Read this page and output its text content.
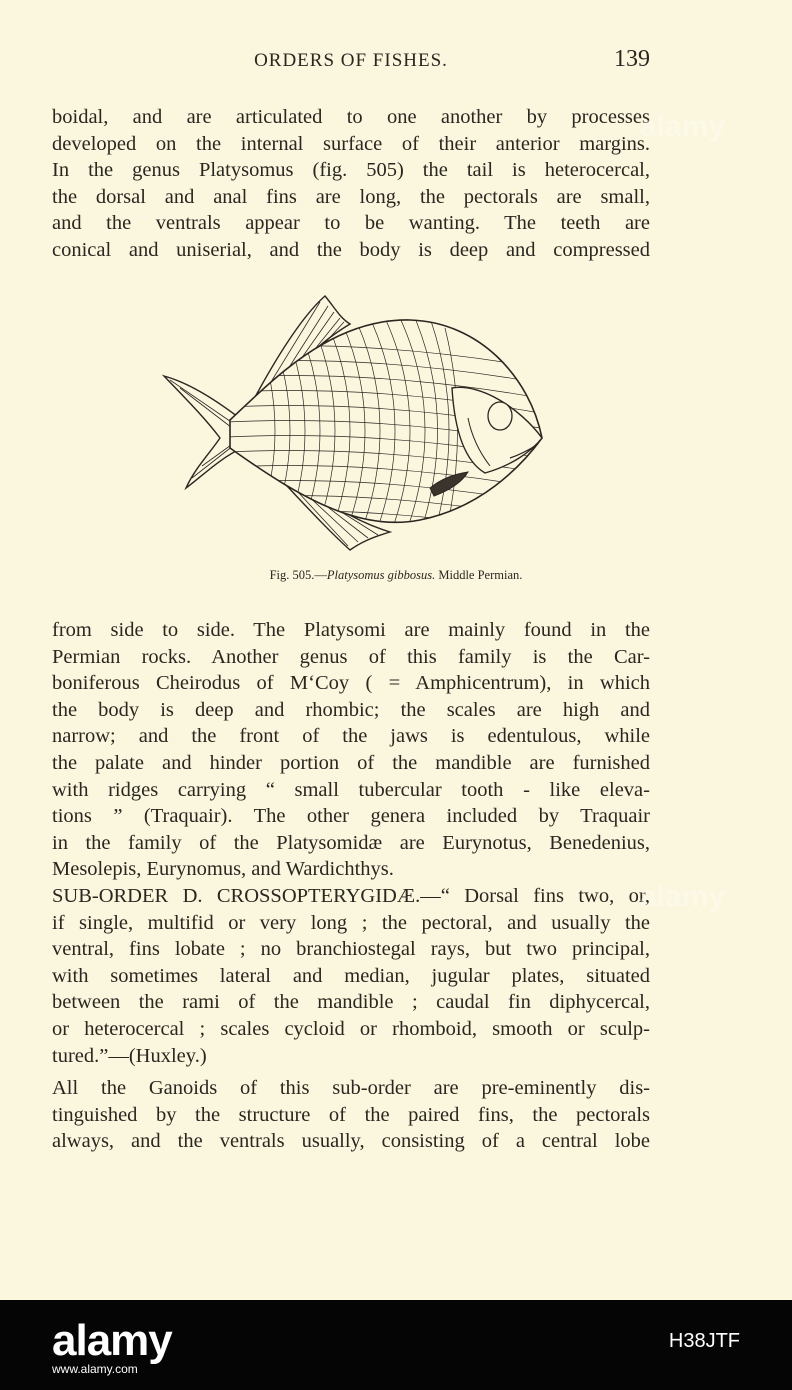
ORDERS OF FISHES.	139
boidal, and are articulated to one another by processes
developed on the internal surface of their anterior margins.
In the genus Platysomus (fig. 505) the tail is heterocercal,
the dorsal and anal fins are long, the pectorals are small,
and the ventrals appear to be wanting. The teeth are
conical and uniserial, and the body is deep and compressed
Fig. 505.—Platysomus gibbosus. Middle Permian.
from side to side. The Platysomi are mainly found in the
Permian rocks. Another genus of this family is the Car-
boniferous Cheirodus of M‘Coy ( = Amphicentrum), in which
the body is deep and rhombic; the scales are high and
narrow; and the front of the jaws is edentulous, while
the palate and hinder portion of the mandible are furnished
with ridges carrying “ small tubercular tooth - like eleva-
tions ” (Traquair). The other genera included by Traquair
in the family of the Platysomidæ are Eurynotus, Benedenius,
Mesolepis, Eurynomus, and Wardichthys.
SUB-ORDER D. CROSSOPTERYGIDÆ.—“ Dorsal fins two, or,
if single, multifid or very long ; the pectoral, and usually the
ventral, fins lobate ; no branchiostegal rays, but two principal,
with sometimes lateral and median, jugular plates, situated
between the rami of the mandible ; caudal fin diphycercal,
or heterocercal ; scales cycloid or rhomboid, smooth or sculp-
tured.”—(Huxley.)
All the Ganoids of this sub-order are pre-eminently dis-
tinguished by the structure of the paired fins, the pectorals
always, and the ventrals usually, consisting of a central lobe
alamy
alamy
alamy	H38JTF
www.alamy.com
